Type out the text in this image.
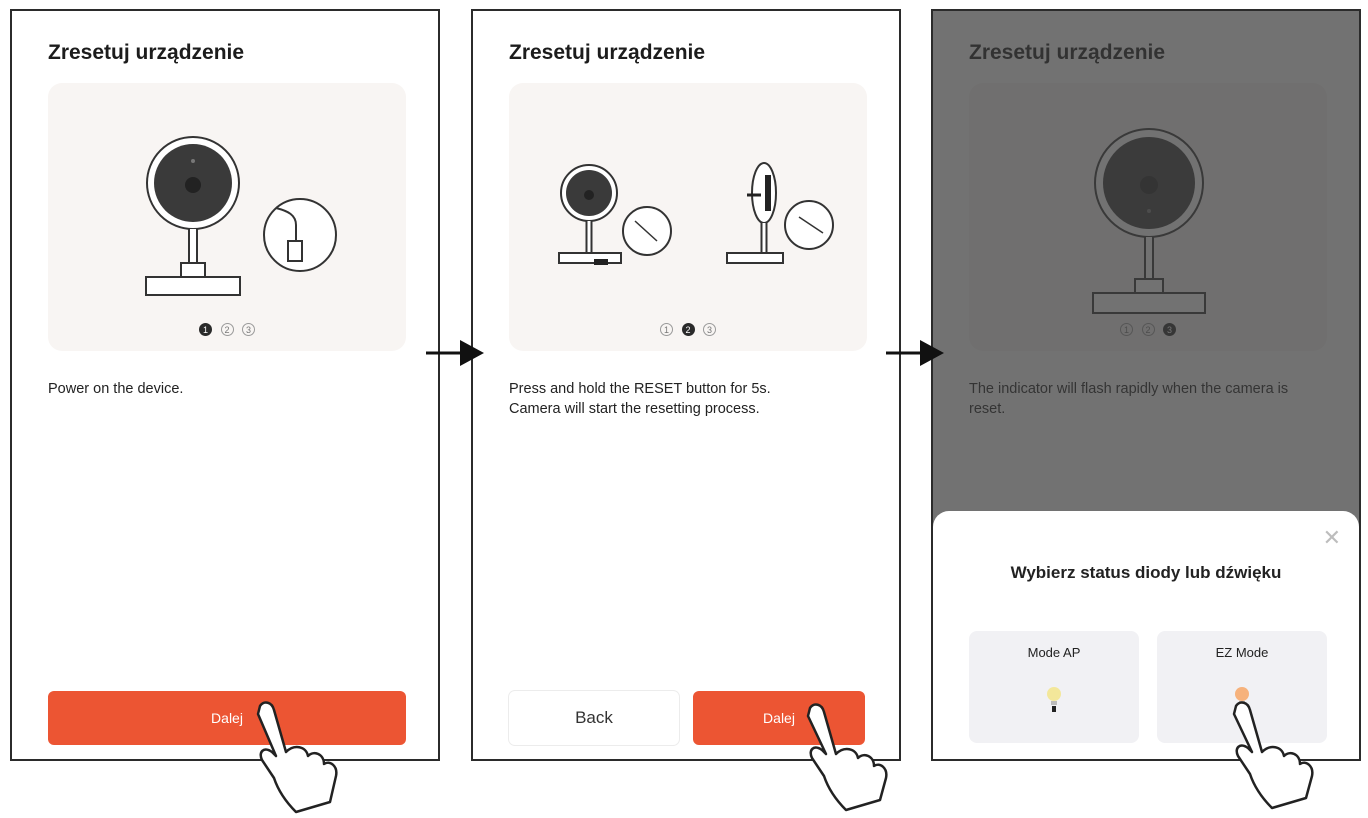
Zresetuj urządzenie
1 2 3
Power on the device.
Dalej
Zresetuj urządzenie
1 2 3
Press and hold the RESET button for 5s.
Camera will start the resetting process.
Back	Dalej

✕
Wybierz status diody lub dźwięku
Mode AP	EZ Mode
